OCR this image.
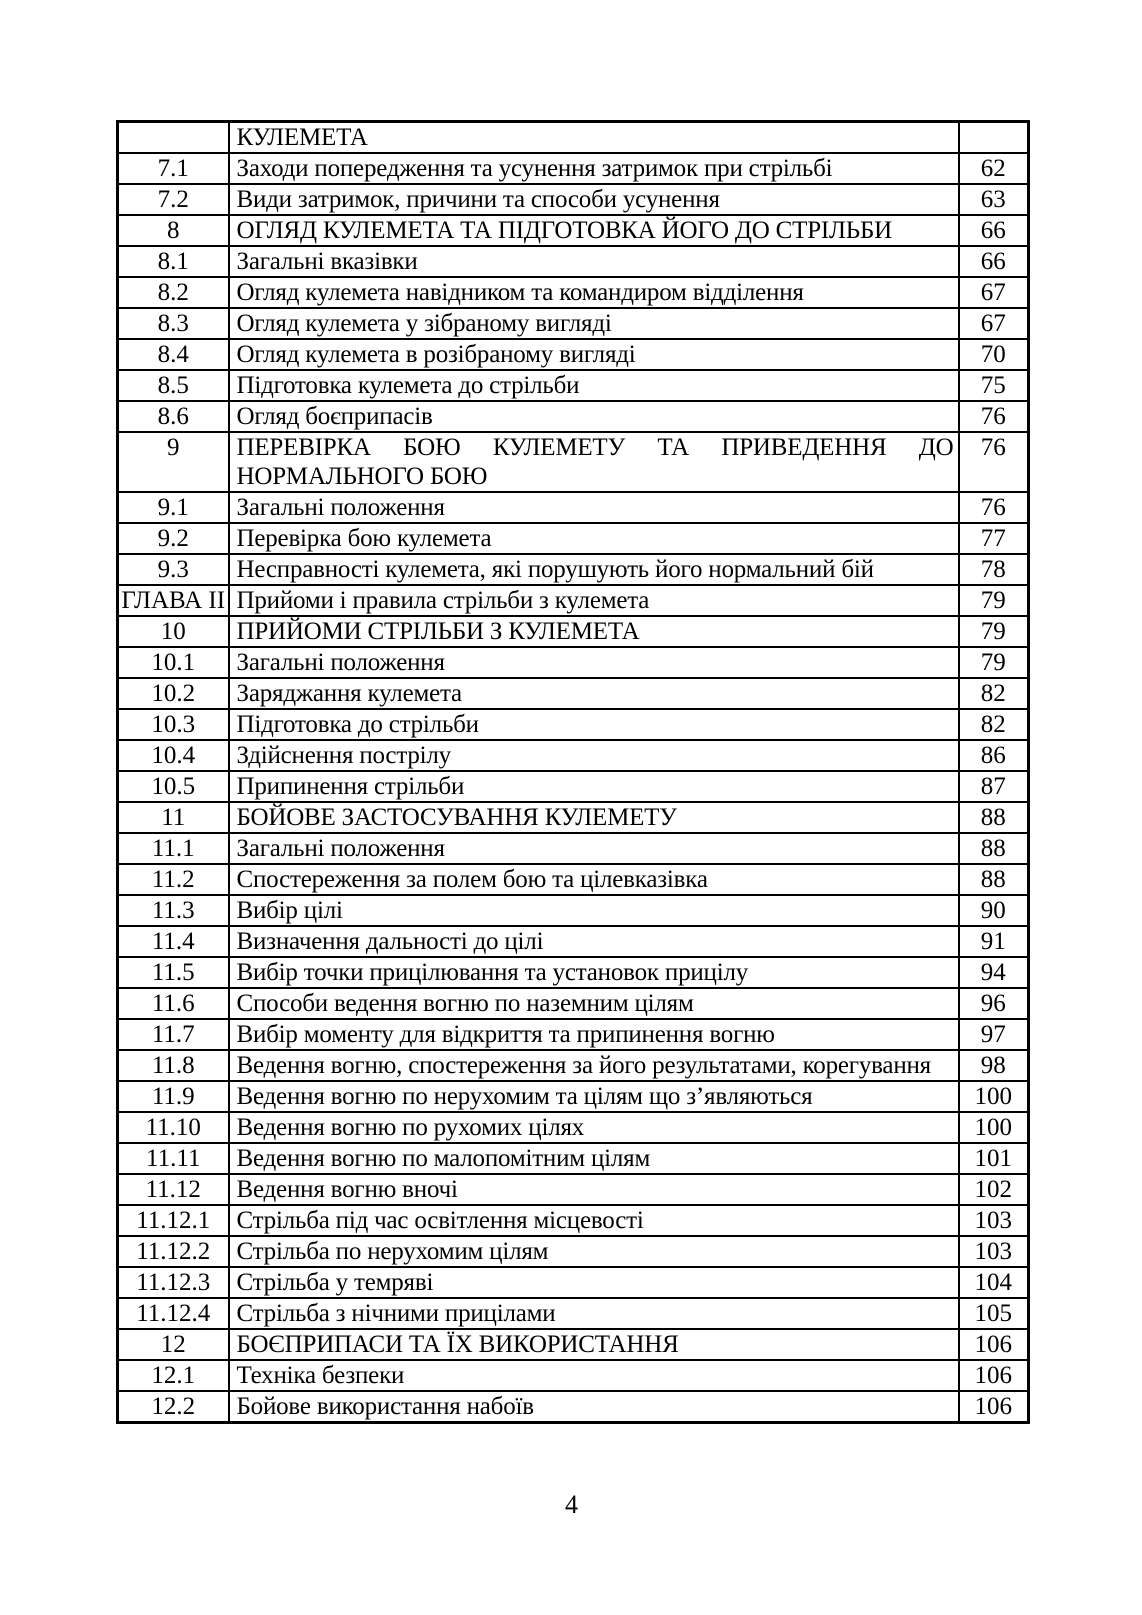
	КУЛЕМЕТА	
7.1	Заходи попередження та усунення затримок при стрільбі	62
7.2	Види затримок, причини та способи усунення	63
8	ОГЛЯД КУЛЕМЕТА ТА ПІДГОТОВКА ЙОГО ДО СТРІЛЬБИ	66
8.1	Загальні вказівки	66
8.2	Огляд кулемета навідником та командиром відділення	67
8.3	Огляд кулемета у зібраному вигляді	67
8.4	Огляд кулемета в розібраному вигляді	70
8.5	Підготовка кулемета до стрільби	75
8.6	Огляд боєприпасів	76
9	ПЕРЕВІРКА БОЮ КУЛЕМЕТУ ТА ПРИВЕДЕННЯ ДО НОРМАЛЬНОГО БОЮ	76
9.1	Загальні положення	76
9.2	Перевірка бою кулемета	77
9.3	Несправності кулемета, які порушують його нормальний бій	78
ГЛАВА II	Прийоми і правила стрільби з кулемета	79
10	ПРИЙОМИ СТРІЛЬБИ З КУЛЕМЕТА	79
10.1	Загальні положення	79
10.2	Заряджання кулемета	82
10.3	Підготовка до стрільби	82
10.4	Здійснення пострілу	86
10.5	Припинення стрільби	87
11	БОЙОВЕ ЗАСТОСУВАННЯ КУЛЕМЕТУ	88
11.1	Загальні положення	88
11.2	Спостереження за полем бою та цілевказівка	88
11.3	Вибір цілі	90
11.4	Визначення дальності до цілі	91
11.5	Вибір точки прицілювання та установок прицілу	94
11.6	Способи ведення вогню по наземним цілям	96
11.7	Вибір моменту для відкриття та припинення вогню	97
11.8	Ведення вогню, спостереження за його результатами, корегування	98
11.9	Ведення вогню по нерухомим та цілям що з’являються	100
11.10	Ведення вогню по рухомих цілях	100
11.11	Ведення вогню по малопомітним цілям	101
11.12	Ведення вогню вночі	102
11.12.1	Стрільба під час освітлення місцевості	103
11.12.2	Стрільба по нерухомим цілям	103
11.12.3	Стрільба у темряві	104
11.12.4	Стрільба з нічними прицілами	105
12	БОЄПРИПАСИ ТА ЇХ ВИКОРИСТАННЯ	106
12.1	Техніка безпеки	106
12.2	Бойове використання набоїв	106
4
